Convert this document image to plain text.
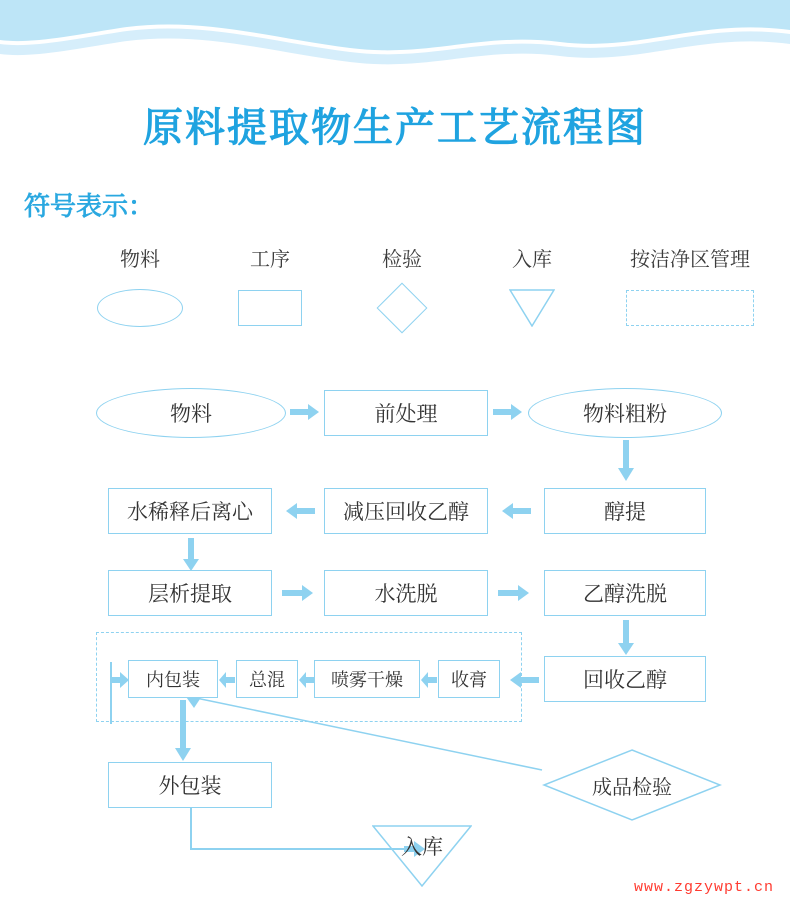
原料提取物生产工艺流程图
符号表示：
物料	工序	检验	入库	按洁净区管理
物料	前处理	物料粗粉
醇提
减压回收乙醇
水稀释后离心
层析提取	水洗脱	乙醇洗脱
回收乙醇
收膏
喷雾干燥
总混
内包装
外包装	成品检验
入库
www.zgzywpt.cn
